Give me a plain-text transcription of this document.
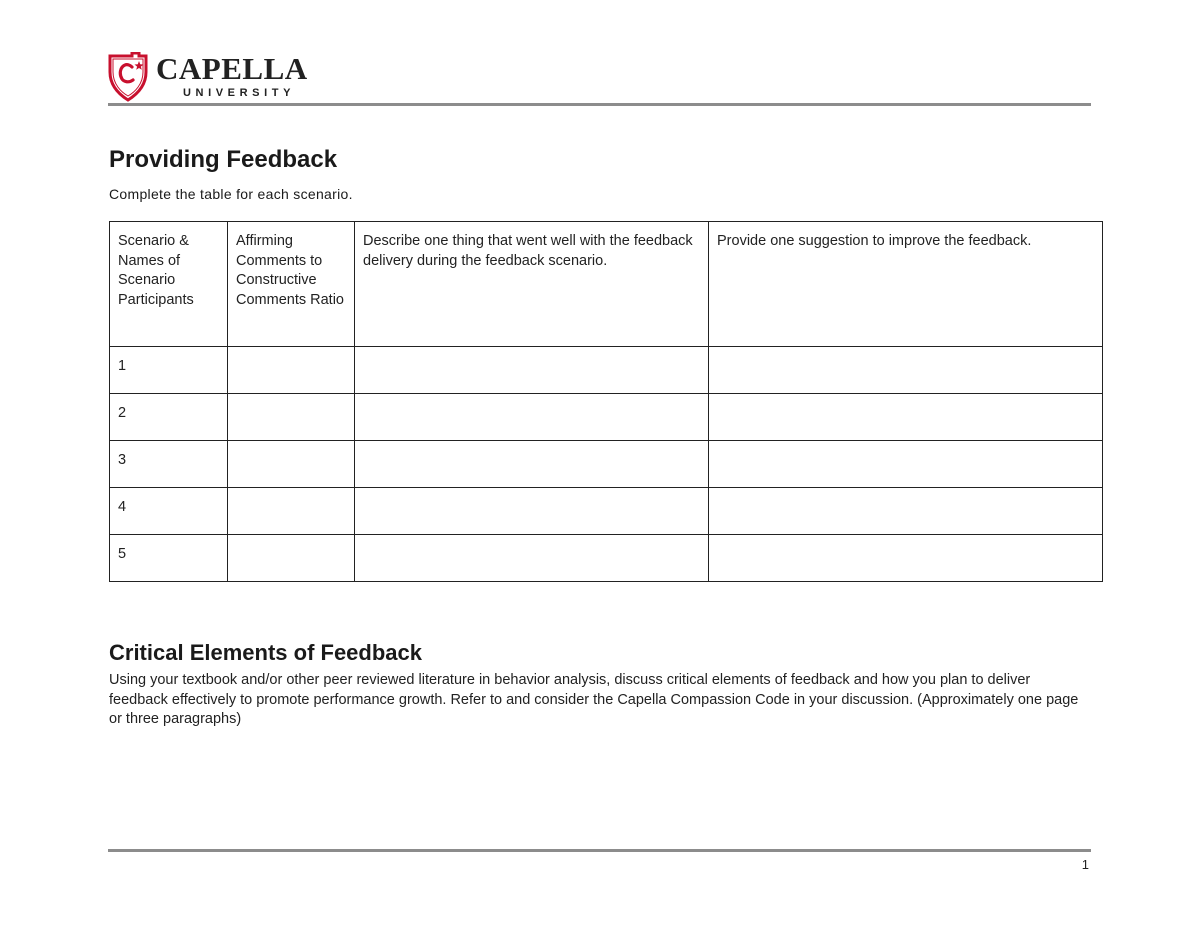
CAPELLA
UNIVERSITY
Providing Feedback

Complete the table for each scenario.

Scenario & Names of Scenario Participants	Affirming Comments to Constructive Comments Ratio	Describe one thing that went well with the feedback delivery during the feedback scenario.	Provide one suggestion to improve the feedback.
1			
2			
3			
4			
5			
Critical Elements of Feedback

Using your textbook and/or other peer reviewed literature in behavior analysis, discuss critical elements of feedback and how you plan to deliver feedback effectively to promote performance growth. Refer to and consider the Capella Compassion Code in your discussion. (Approximately one page or three paragraphs)

1
